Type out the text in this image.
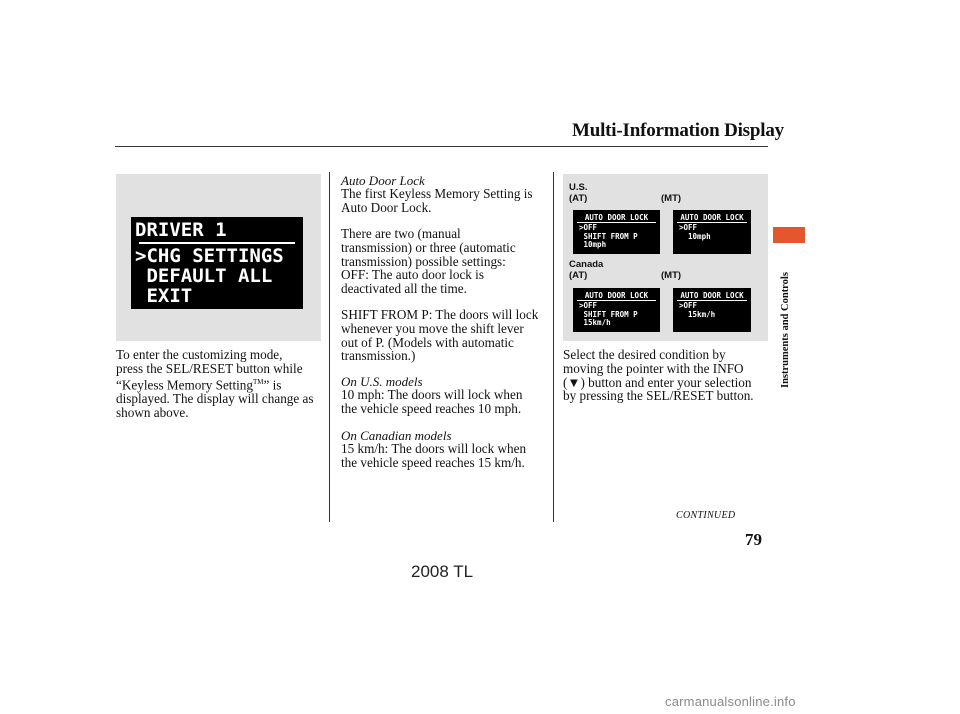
Multi-Information Display
DRIVER 1
>CHG SETTINGS
DEFAULT ALL
EXIT
To enter the customizing mode,
press the SEL/RESET button while
“Keyless Memory Setting™” is
displayed. The display will change as
shown above.
Auto Door Lock
The first Keyless Memory Setting is
Auto Door Lock.
There are two (manual
transmission) or three (automatic
transmission) possible settings:
OFF: The auto door lock is
deactivated all the time.
SHIFT FROM P: The doors will lock
whenever you move the shift lever
out of P. (Models with automatic
transmission.)
On U.S. models
10 mph: The doors will lock when
the vehicle speed reaches 10 mph.
On Canadian models
15 km/h: The doors will lock when
the vehicle speed reaches 15 km/h.
U.S.
(AT)	(MT)
AUTO DOOR LOCK
>OFF
SHIFT FROM P
10mph
AUTO DOOR LOCK
>OFF
10mph
Canada
(AT)	(MT)
AUTO DOOR LOCK
>OFF
SHIFT FROM P
15km/h
AUTO DOOR LOCK
>OFF
15km/h
Select the desired condition by
moving the pointer with the INFO
(▼) button and enter your selection
by pressing the SEL/RESET button.
Instruments and Controls
CONTINUED
79
2008 TL
carmanualsonline.info
